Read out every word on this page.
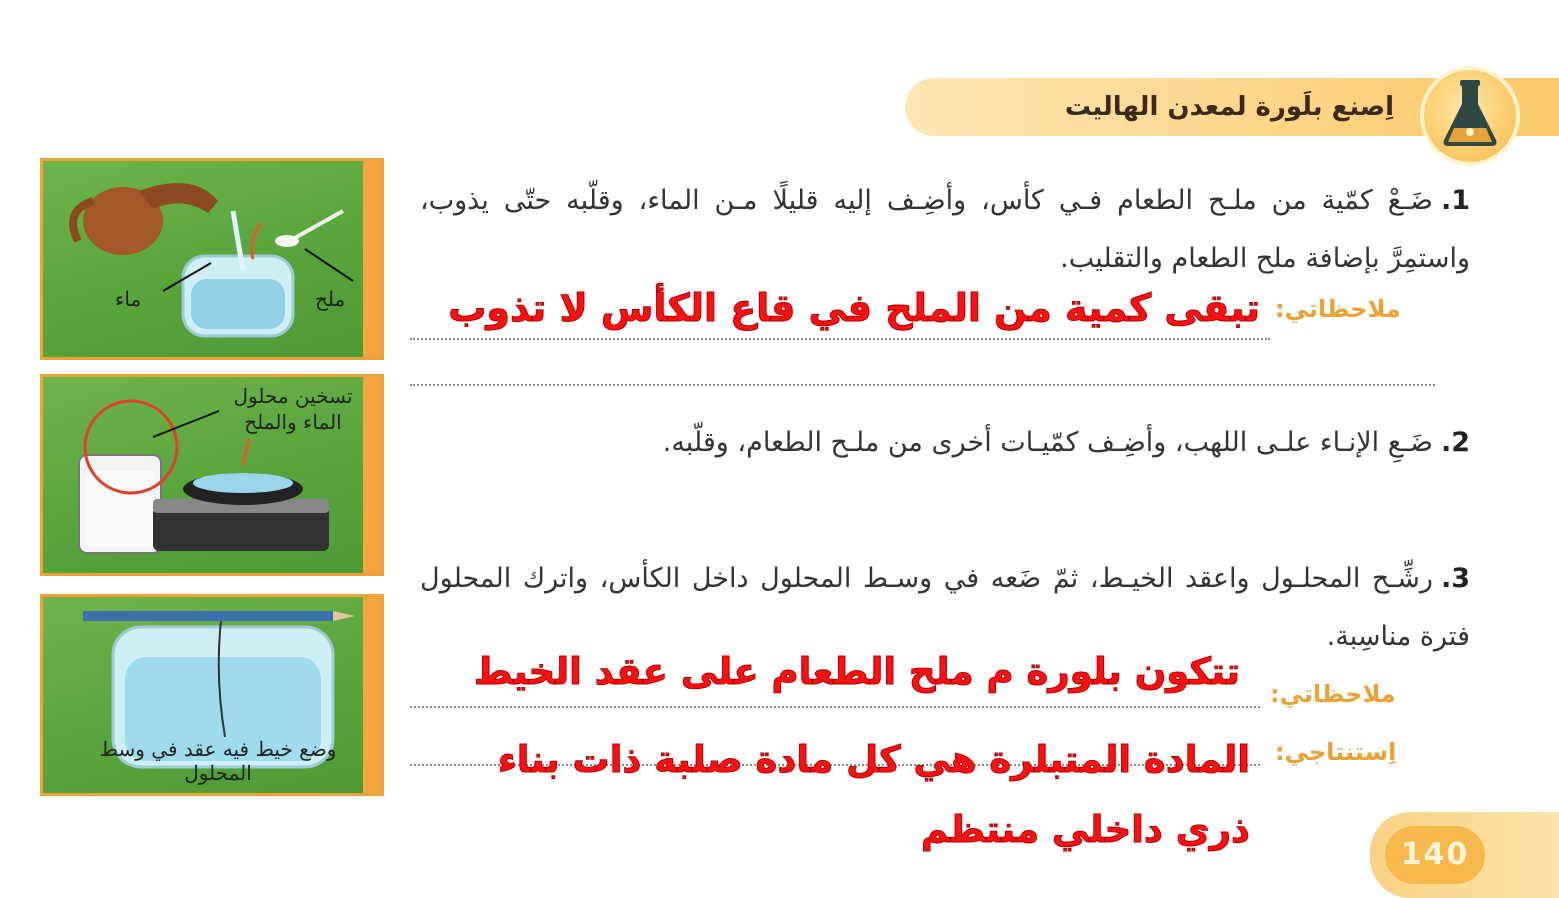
اِصنع بلَورة لمعدن الهاليت
1.ضَـعْ كمّية من ملـح الطعام فـي كأس، وأضِـف إليه قليلًا مـن الماء، وقلّبه حتّى يذوب، واستمِرَّ بإضافة ملح الطعام والتقليب.
ملاحظاتي:
تبقى كمية من الملح في قاع الكأس لا تذوب
2.ضَـعِ الإنـاء علـى اللهب، وأضِـف كمّيـات أخرى من ملـح الطعام، وقلّبه.
3.رشِّـح المحلـول واعقد الخيـط، ثمّ ضَعه في وسـط المحلول داخل الكأس، واترك المحلول فترة مناسِبة.
ملاحظاتي:
تتكون بلورة م ملح الطعام على عقد الخيط
اِستنتاجي:
المادة المتبلرة هي كل مادة صلبة ذات بناء
ذري داخلي منتظم
ماء	ملح
تسخين محلول
الماء والملح
وضع خيط فيه عقد في وسط
المحلول
140
